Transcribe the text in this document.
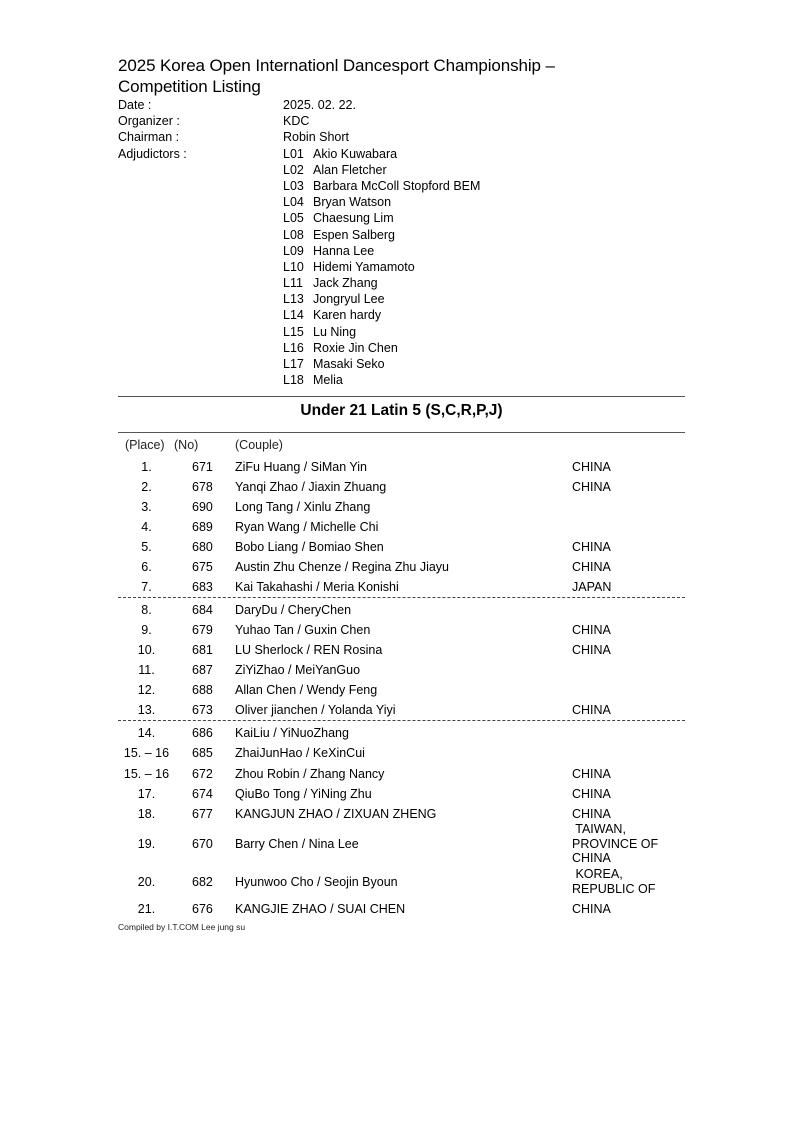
2025 Korea Open Internationl Dancesport Championship –
Competition Listing
Date :	2025. 02. 22.
Organizer :	KDC
Chairman :	Robin Short
Adjudictors :	L01 Akio Kuwabara
L02 Alan Fletcher
L03 Barbara McColl Stopford BEM
L04 Bryan Watson
L05 Chaesung Lim
L08 Espen Salberg
L09 Hanna Lee
L10 Hidemi Yamamoto
L11 Jack Zhang
L13 Jongryul Lee
L14 Karen hardy
L15 Lu Ning
L16 Roxie Jin Chen
L17 Masaki Seko
L18 Melia
Under 21 Latin 5 (S,C,R,P,J)
(Place) (No)	(Couple)
1.	671 ZiFu Huang / SiMan Yin	CHINA
2.	678 Yanqi Zhao / Jiaxin Zhuang	CHINA
3.	690 Long Tang / Xinlu Zhang
4.	689 Ryan Wang / Michelle Chi
5.	680 Bobo Liang / Bomiao Shen	CHINA
6.	675 Austin Zhu Chenze / Regina Zhu Jiayu	CHINA
7.	683 Kai Takahashi / Meria Konishi	JAPAN
8.	684 DaryDu / CheryChen
9.	679 Yuhao Tan / Guxin Chen	CHINA
10.	681 LU Sherlock / REN Rosina	CHINA
11.	687 ZiYiZhao / MeiYanGuo
12.	688 Allan Chen / Wendy Feng
13.	673 Oliver jianchen / Yolanda Yiyi	CHINA
14.	686 KaiLiu / YiNuoZhang
15. – 16	685 ZhaiJunHao / KeXinCui
15. – 16	672 Zhou Robin / Zhang Nancy	CHINA
17.	674 QiuBo Tong / YiNing Zhu	CHINA
18.	677 KANGJUN ZHAO / ZIXUAN ZHENG	CHINA
19.	670 Barry Chen / Nina Lee
TAIWAN,
PROVINCE OF
CHINA
20.	682 Hyunwoo Cho / Seojin Byoun
KOREA,
REPUBLIC OF
21.	676 KANGJIE ZHAO / SUAI CHEN	CHINA
Compiled by I.T.COM Lee jung su
